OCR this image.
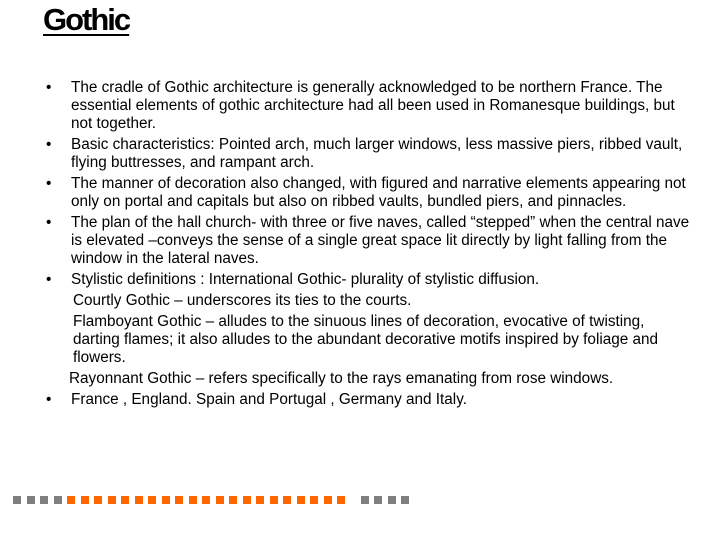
Gothic
• The cradle of Gothic architecture is generally acknowledged to be northern France. The essential elements of gothic architecture had all been used in Romanesque buildings, but not together.
• Basic characteristics: Pointed arch, much larger windows, less massive piers, ribbed vault, flying buttresses, and rampant arch.
• The manner of decoration also changed, with figured and narrative elements appearing not only on portal and capitals but also on ribbed vaults, bundled piers, and pinnacles.
• The plan of the hall church- with three or five naves, called “stepped” when the central nave is elevated –conveys the sense of a single great space lit directly by light falling from the window in the lateral naves.
• Stylistic definitions : International Gothic- plurality of stylistic diffusion.
Courtly Gothic – underscores its ties to the courts.
Flamboyant Gothic – alludes to the sinuous lines of decoration, evocative of twisting, darting flames; it also alludes to the abundant decorative motifs inspired by foliage and flowers.
Rayonnant Gothic – refers specifically to the rays emanating from rose windows.
• France , England. Spain and Portugal , Germany and Italy.
